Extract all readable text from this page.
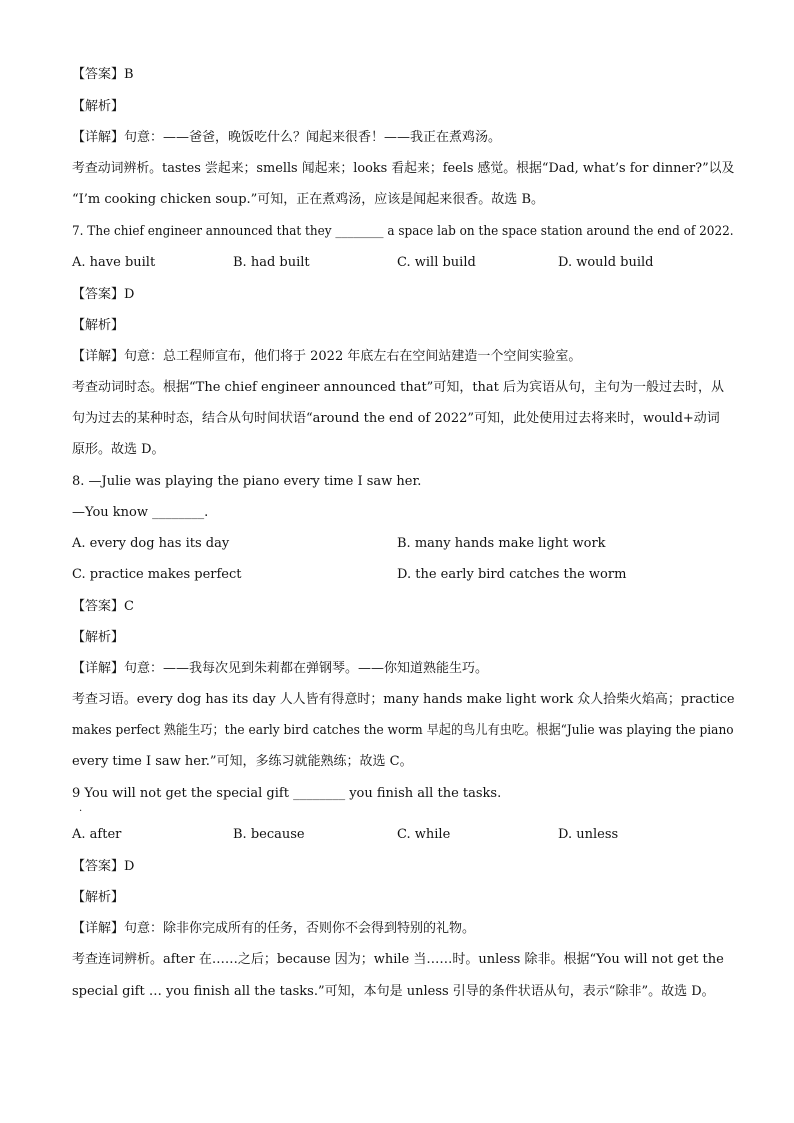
【答案】B
【解析】
【详解】句意：——爸爸，晚饭吃什么？闻起来很香！——我正在煮鸡汤。
考查动词辨析。tastes 尝起来；smells 闻起来；looks 看起来；feels 感觉。根据“Dad, what’s for dinner?”以及
“I’m cooking chicken soup.”可知，正在煮鸡汤，应该是闻起来很香。故选 B。
7. The chief engineer announced that they ________ a space lab on the space station around the end of 2022.
A. have built	B. had built	C. will build	D. would build
【答案】D
【解析】
【详解】句意：总工程师宣布，他们将于 2022 年底左右在空间站建造一个空间实验室。
考查动词时态。根据“The chief engineer announced that”可知，that 后为宾语从句，主句为一般过去时，从
句为过去的某种时态，结合从句时间状语“around the end of 2022”可知，此处使用过去将来时，would+动词
原形。故选 D。
8. —Julie was playing the piano every time I saw her.
—You know ________.
A. every dog has its day	B. many hands make light work
C. practice makes perfect	D. the early bird catches the worm
【答案】C
【解析】
【详解】句意：——我每次见到朱莉都在弹钢琴。——你知道熟能生巧。
考查习语。every dog has its day 人人皆有得意时；many hands make light work 众人拾柴火焰高；practice
makes perfect 熟能生巧；the early bird catches the worm 早起的鸟儿有虫吃。根据“Julie was playing the piano
every time I saw her.”可知，多练习就能熟练；故选 C。
9 You will not get the special gift ________ you finish all the tasks.
.
A. after	B. because	C. while	D. unless
【答案】D
【解析】
【详解】句意：除非你完成所有的任务，否则你不会得到特别的礼物。
考查连词辨析。after 在……之后；because 因为；while 当……时。unless 除非。根据“You will not get the
special gift … you finish all the tasks.”可知，本句是 unless 引导的条件状语从句，表示“除非”。故选 D。
